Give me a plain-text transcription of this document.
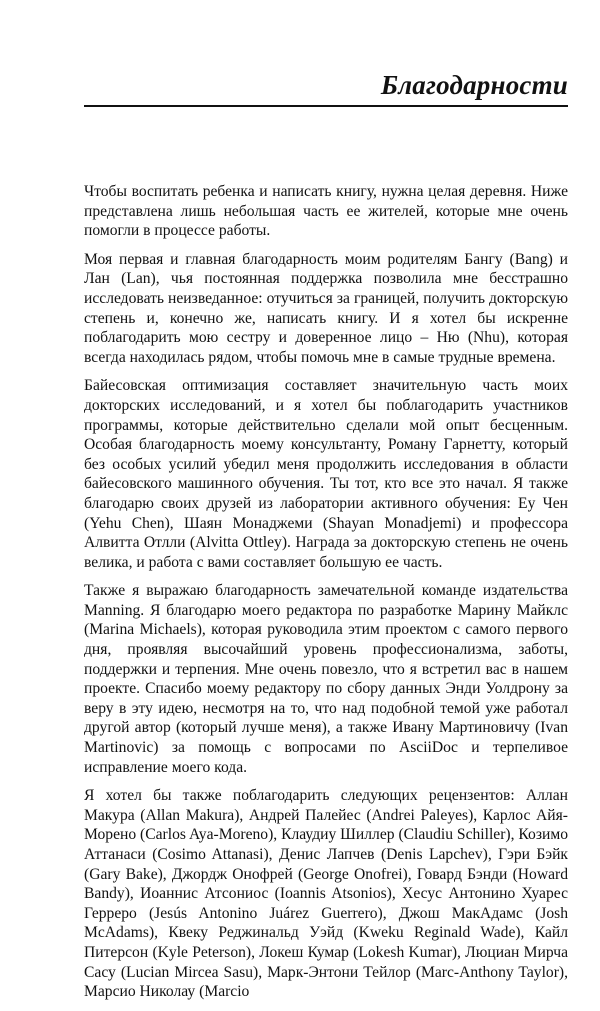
Благодарности

Чтобы воспитать ребенка и написать книгу, нужна целая деревня. Ниже представлена лишь небольшая часть ее жителей, которые мне очень помогли в процессе работы.

Моя первая и главная благодарность моим родителям Бангу (Bang) и Лан (Lan), чья постоянная поддержка позволила мне бесстрашно исследовать неизведанное: отучиться за границей, получить докторскую степень и, конечно же, написать книгу. И я хотел бы искренне поблагодарить мою сестру и доверенное лицо – Ню (Nhu), которая всегда находилась рядом, чтобы помочь мне в самые трудные времена.

Байесовская оптимизация составляет значительную часть моих докторских исследований, и я хотел бы поблагодарить участников программы, которые действительно сделали мой опыт бесценным. Особая благодарность моему консультанту, Роману Гарнетту, который без особых усилий убедил меня продолжить исследования в области байесовского машинного обучения. Ты тот, кто все это начал. Я также благодарю своих друзей из лаборатории активного обучения: Еу Чен (Yehu Chen), Шаян Монаджеми (Shayan Monadjemi) и профессора Алвитта Отлли (Alvitta Ottley). Награда за докторскую степень не очень велика, и работа с вами составляет большую ее часть.

Также я выражаю благодарность замечательной команде издательства Manning. Я благодарю моего редактора по разработке Марину Майклс (Marina Michaels), которая руководила этим проектом с самого первого дня, проявляя высочайший уровень профессионализма, заботы, поддержки и терпения. Мне очень повезло, что я встретил вас в нашем проекте. Спасибо моему редактору по сбору данных Энди Уолдрону за веру в эту идею, несмотря на то, что над подобной темой уже работал другой автор (который лучше меня), а также Ивану Мартиновичу (Ivan Martinovic) за помощь с вопросами по AsciiDoc и терпеливое исправление моего кода.

Я хотел бы также поблагодарить следующих рецензентов: Аллан Макура (Allan Makura), Андрей Палейес (Andrei Paleyes), Карлос Айя-Морено (Carlos Aya-Moreno), Клаудиу Шиллер (Claudiu Schiller), Козимо Аттанаси (Cosimo Attanasi), Денис Лапчев (Denis Lapchev), Гэри Бэйк (Gary Bake), Джордж Онофрей (George Onofrei), Говард Бэнди (Howard Bandy), Иоаннис Атсониос (Ioannis Atsonios), Хесус Антонино Хуарес Герреро (Jesús Antonino Juárez Guerrero), Джош МакАдамс (Josh McAdams), Квеку Реджинальд Уэйд (Kweku Reginald Wade), Кайл Питерсон (Kyle Peterson), Локеш Кумар (Lokesh Kumar), Люциан Мирча Сасу (Lucian Mircea Sasu), Марк-Энтони Тейлор (Marc-Anthony Taylor), Марсио Николау (Marcio
